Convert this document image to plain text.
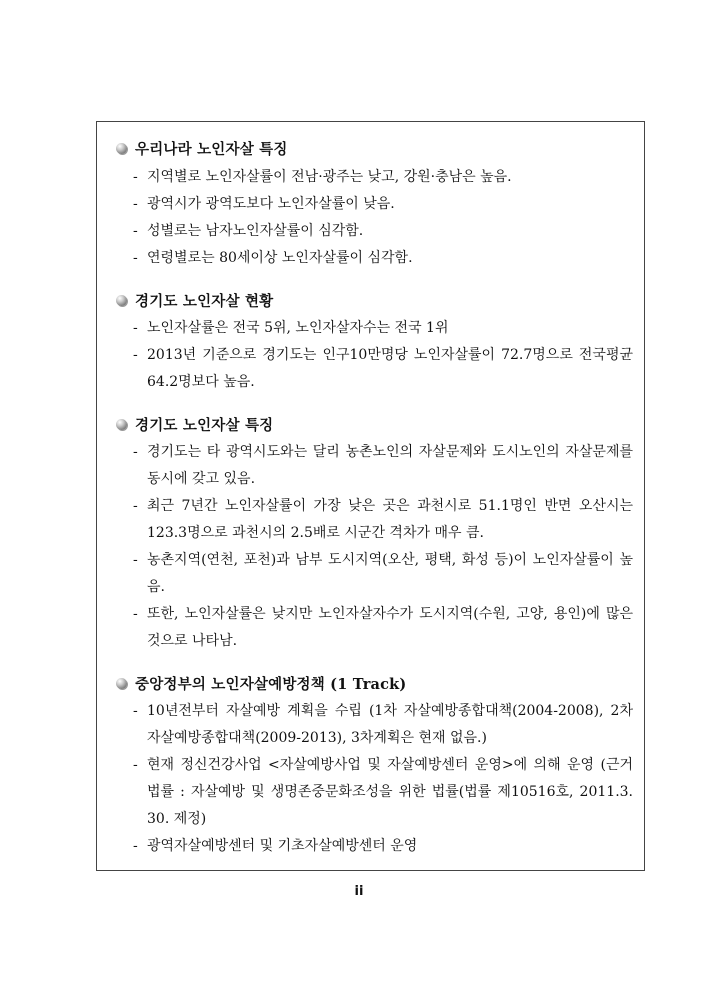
우리나라 노인자살 특징
- 지역별로 노인자살률이 전남·광주는 낮고, 강원·충남은 높음.
- 광역시가 광역도보다 노인자살률이 낮음.
- 성별로는 남자노인자살률이 심각함.
- 연령별로는 80세이상 노인자살률이 심각함.
경기도 노인자살 현황
- 노인자살률은 전국 5위, 노인자살자수는 전국 1위
- 2013년 기준으로 경기도는 인구10만명당 노인자살률이 72.7명으로 전국평균 64.2명보다 높음.
경기도 노인자살 특징
- 경기도는 타 광역시도와는 달리 농촌노인의 자살문제와 도시노인의 자살문제를 동시에 갖고 있음.
- 최근 7년간 노인자살률이 가장 낮은 곳은 과천시로 51.1명인 반면 오산시는 123.3명으로 과천시의 2.5배로 시군간 격차가 매우 큼.
- 농촌지역(연천, 포천)과 남부 도시지역(오산, 평택, 화성 등)이 노인자살률이 높음.
- 또한, 노인자살률은 낮지만 노인자살자수가 도시지역(수원, 고양, 용인)에 많은 것으로 나타남.
중앙정부의 노인자살예방정책 (1 Track)
- 10년전부터 자살예방 계획을 수립 (1차 자살예방종합대책(2004-2008), 2차 자살예방종합대책(2009-2013), 3차계획은 현재 없음.)
- 현재 정신건강사업 <자살예방사업 및 자살예방센터 운영>에 의해 운영 (근거 법률 : 자살예방 및 생명존중문화조성을 위한 법률(법률 제10516호, 2011.3. 30. 제정)
- 광역자살예방센터 및 기초자살예방센터 운영
ii
